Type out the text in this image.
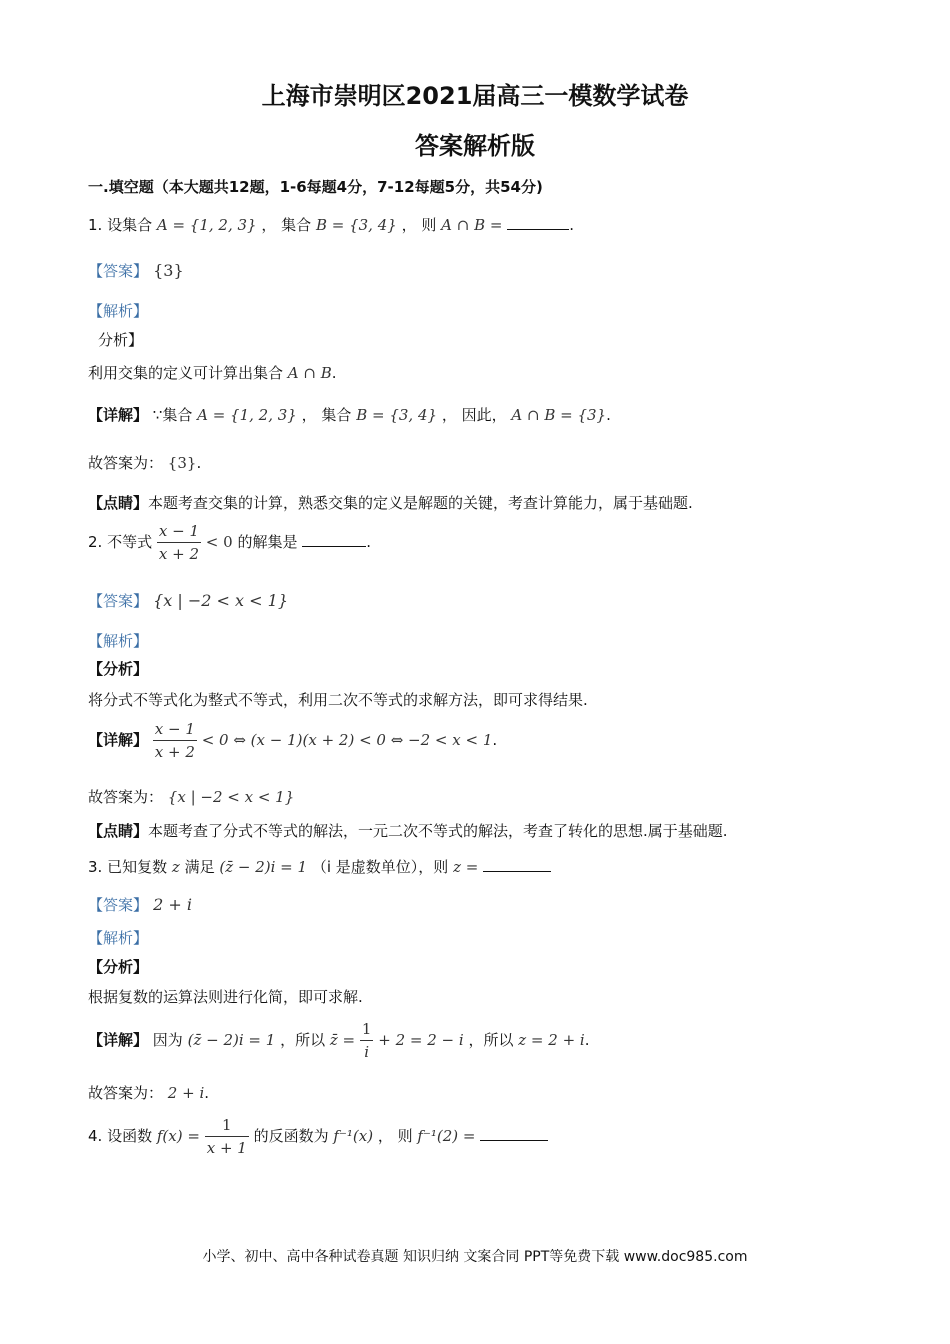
上海市崇明区2021届高三一模数学试卷
答案解析版
一.填空题（本大题共12题，1-6每题4分，7-12每题5分，共54分)
1. 设集合 A = {1, 2, 3} ， 集合 B = {3, 4} ， 则 A ∩ B =	.
【答案】 {3}
【解析】
分析】
利用交集的定义可计算出集合 A ∩ B.
【详解】 ∵集合 A = {1, 2, 3} ， 集合 B = {3, 4} ， 因此， A ∩ B = {3}.
故答案为： {3}.
【点睛】本题考查交集的计算，熟悉交集的定义是解题的关键，考查计算能力，属于基础题.
2. 不等式 $\frac{x - 1}{x + 2} < 0$ 的解集是	.
【答案】 {x | −2 < x < 1}
【解析】
【分析】
将分式不等式化为整式不等式，利用二次不等式的求解方法，即可求得结果.
【详解】 $\frac{x - 1}{x + 2} < 0$ ⇔ (x − 1)(x + 2) < 0 ⇔ −2 < x < 1.
故答案为： {x | −2 < x < 1}
【点睛】本题考查了分式不等式的解法，一元二次不等式的解法，考查了转化的思想.属于基础题.
3. 已知复数 z 满足 (z̄ − 2)i = 1 （i 是虚数单位），则 z =
【答案】 2 + i
【解析】
【分析】
根据复数的运算法则进行化简，即可求解.
【详解】 因为 (z̄ − 2)i = 1 ，所以 z̄ = $\frac{1}{i} + 2 = 2 - i$ ，所以 z = 2 + i.
故答案为： 2 + i.
4. 设函数 $f(x) = \frac{1}{x + 1}$ 的反函数为 f⁻¹(x) ， 则 f⁻¹(2) =
小学、初中、高中各种试卷真题 知识归纳 文案合同 PPT等免费下载 www.doc985.com
